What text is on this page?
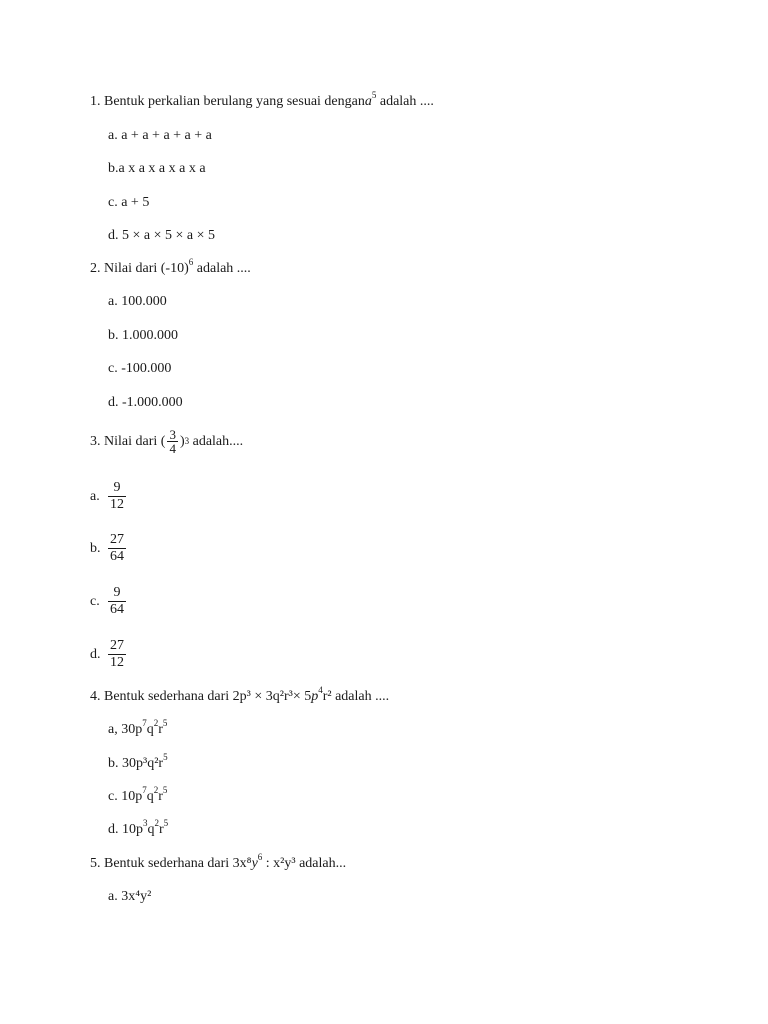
1. Bentuk perkalian berulang yang sesuai dengana$^5$ adalah ....
a. a + a + a + a + a
b.a x a x a x a x a
c. a + 5
d. 5 × a × 5 × a × 5
2. Nilai dari $(-10)^6$ adalah ....
a. 100.000
b. 1.000.000
c. -100.000
d. -1.000.000
3.
Nilai dari ( $\frac{3}{4} )^3$
adalah....
a. $\frac{9}{12}$
b. $\frac{27}{64}$
c. $\frac{9}{64}$
d. $\frac{27}{12}$
4. Bentuk sederhana dari $2p^3 \times 3q^2r^3\times 5p^4r^2$ adalah ....
a, $30p^7q^2r^5$
b. $30p^3q^2r^5$
c. $10p^7q^2r^5$
d. $10p^3q^2r^5$
5. Bentuk sederhana dari $3x^8y^6$ : x²y³ adalah...
a. 3x⁴y²
